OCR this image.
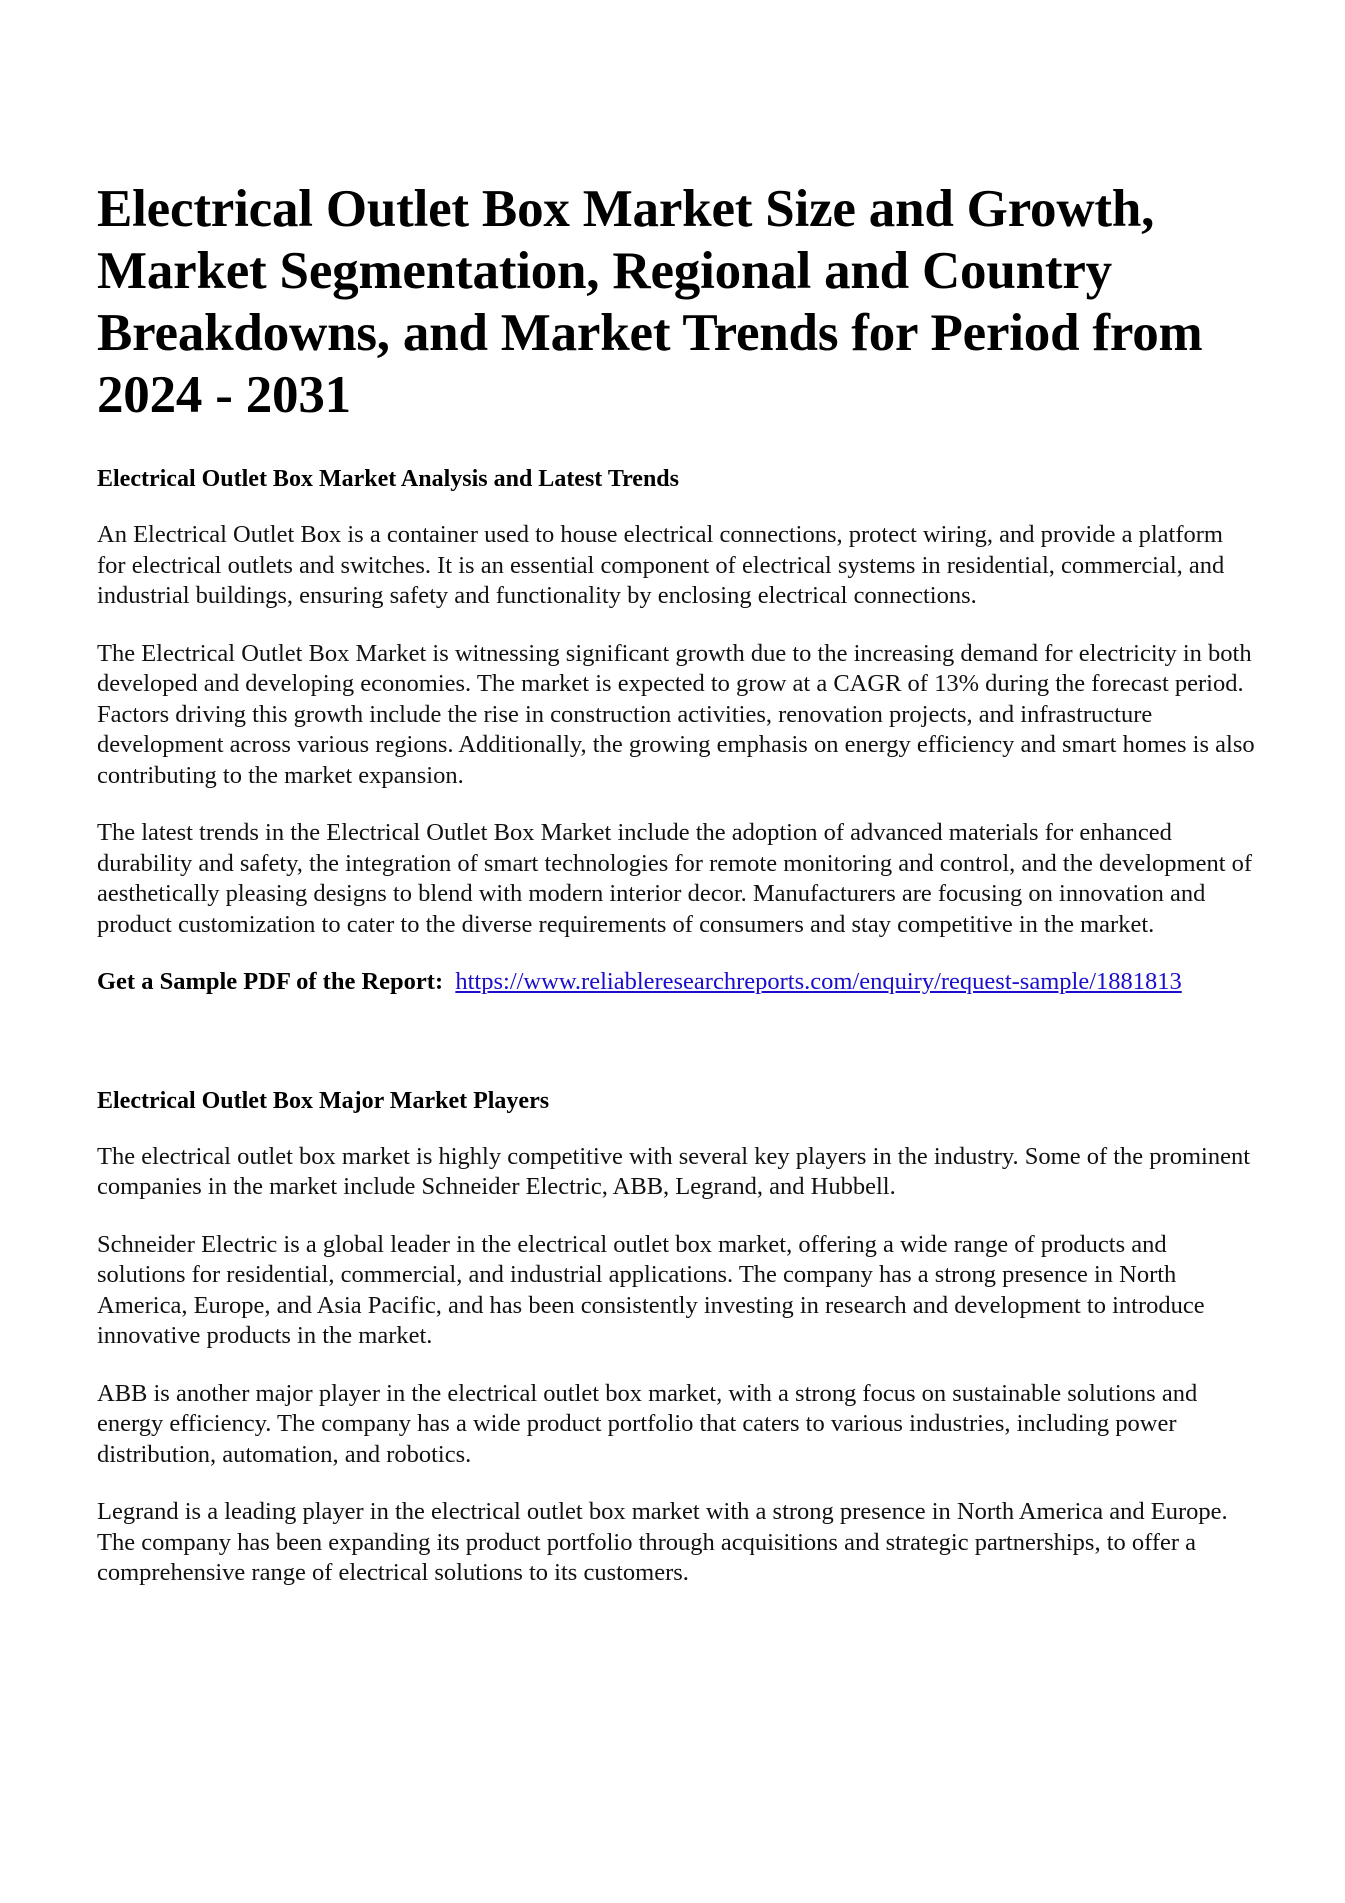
Electrical Outlet Box Market Size and Growth, Market Segmentation, Regional and Country Breakdowns, and Market Trends for Period from 2024 - 2031
Electrical Outlet Box Market Analysis and Latest Trends

An Electrical Outlet Box is a container used to house electrical connections, protect wiring, and provide a platform for electrical outlets and switches. It is an essential component of electrical systems in residential, commercial, and industrial buildings, ensuring safety and functionality by enclosing electrical connections.

The Electrical Outlet Box Market is witnessing significant growth due to the increasing demand for electricity in both developed and developing economies. The market is expected to grow at a CAGR of 13% during the forecast period. Factors driving this growth include the rise in construction activities, renovation projects, and infrastructure development across various regions. Additionally, the growing emphasis on energy efficiency and smart homes is also contributing to the market expansion.

The latest trends in the Electrical Outlet Box Market include the adoption of advanced materials for enhanced durability and safety, the integration of smart technologies for remote monitoring and control, and the development of aesthetically pleasing designs to blend with modern interior decor. Manufacturers are focusing on innovation and product customization to cater to the diverse requirements of consumers and stay competitive in the market.

Get a Sample PDF of the Report: https://www.reliableresearchreports.com/enquiry/request-sample/1881813

Electrical Outlet Box Major Market Players

The electrical outlet box market is highly competitive with several key players in the industry. Some of the prominent companies in the market include Schneider Electric, ABB, Legrand, and Hubbell.

Schneider Electric is a global leader in the electrical outlet box market, offering a wide range of products and solutions for residential, commercial, and industrial applications. The company has a strong presence in North America, Europe, and Asia Pacific, and has been consistently investing in research and development to introduce innovative products in the market.

ABB is another major player in the electrical outlet box market, with a strong focus on sustainable solutions and energy efficiency. The company has a wide product portfolio that caters to various industries, including power distribution, automation, and robotics.

Legrand is a leading player in the electrical outlet box market with a strong presence in North America and Europe. The company has been expanding its product portfolio through acquisitions and strategic partnerships, to offer a comprehensive range of electrical solutions to its customers.
